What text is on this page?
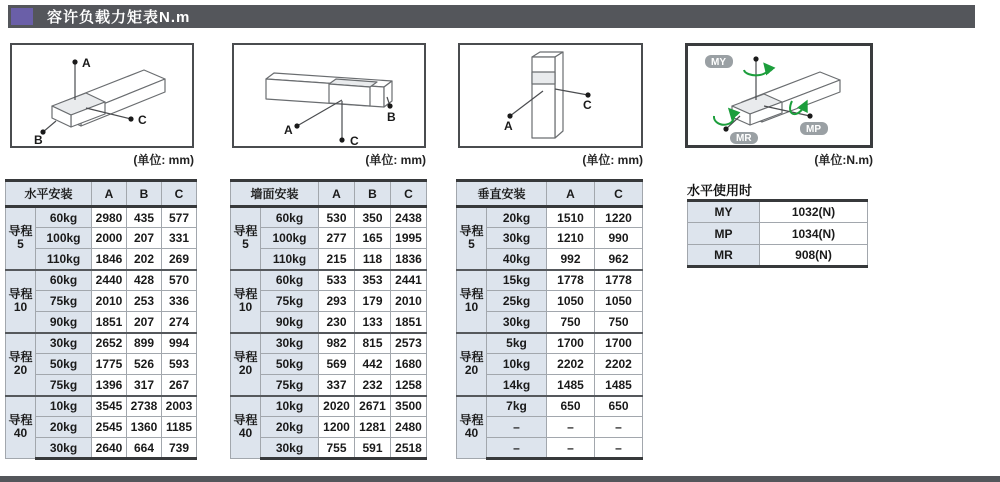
容许负载力矩表N.m
A
B
C
A
B
C
A
C
MY
MP
MR
(单位: mm)	(单位: mm)	(单位: mm)	(单位:N.m)
水平安装		A	B	C
导程5	60kg	2980	435	577
	100kg	2000	207	331
	110kg	1846	202	269
导程10	60kg	2440	428	570
	75kg	2010	253	336
	90kg	1851	207	274
导程20	30kg	2652	899	994
	50kg	1775	526	593
	75kg	1396	317	267
导程40	10kg	3545	2738	2003
	20kg	2545	1360	1185
	30kg	2640	664	739
墙面安装		A	B	C
导程5	60kg	530	350	2438
	100kg	277	165	1995
	110kg	215	118	1836
导程10	60kg	533	353	2441
	75kg	293	179	2010
	90kg	230	133	1851
导程20	30kg	982	815	2573
	50kg	569	442	1680
	75kg	337	232	1258
导程40	10kg	2020	2671	3500
	20kg	1200	1281	2480
	30kg	755	591	2518
垂直安装		A	C
导程5	20kg	1510	1220
	30kg	1210	990
	40kg	992	962
导程10	15kg	1778	1778
	25kg	1050	1050
	30kg	750	750
导程20	5kg	1700	1700
	10kg	2202	2202
	14kg	1485	1485
导程40	7kg	650	650
	–	–	–
	–	–	–
水平使用时
MY	1032(N)
MP	1034(N)
MR	908(N)
